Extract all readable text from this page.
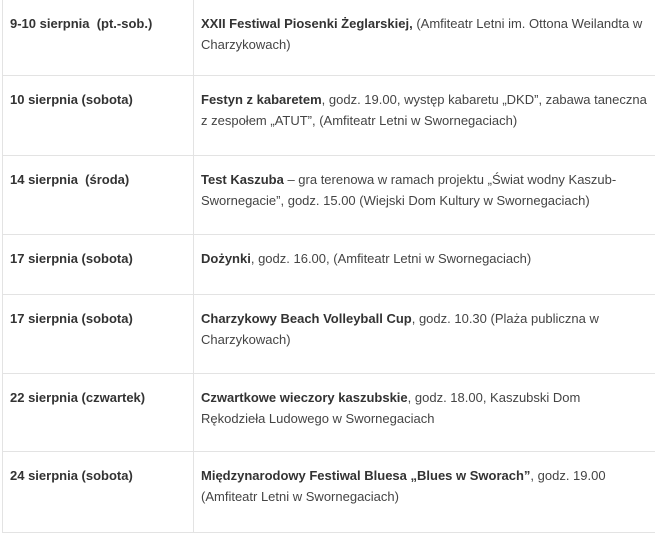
9-10 sierpnia  (pt.-sob.)	XXII Festiwal Piosenki Żeglarskiej, (Amfiteatr Letni im. Ottona Weilandta w Charzykowach)

10 sierpnia (sobota)	Festyn z kabaretem, godz. 19.00, występ kabaretu „DKD”, zabawa taneczna z zespołem „ATUT”, (Amfiteatr Letni w Swornegaciach)

14 sierpnia  (środa)	Test Kaszuba – gra terenowa w ramach projektu „Świat wodny Kaszub-Swornegacie”, godz. 15.00 (Wiejski Dom Kultury w Swornegaciach)

17 sierpnia (sobota)	Dożynki, godz. 16.00, (Amfiteatr Letni w Swornegaciach)

17 sierpnia (sobota)	Charzykowy Beach Volleyball Cup, godz. 10.30 (Plaża publiczna w Charzykowach)

22 sierpnia (czwartek)	Czwartkowe wieczory kaszubskie, godz. 18.00, Kaszubski Dom Rękodzieła Ludowego w Swornegaciach

24 sierpnia (sobota)	Międzynarodowy Festiwal Bluesa „Blues w Sworach”, godz. 19.00 (Amfiteatr Letni w Swornegaciach)
